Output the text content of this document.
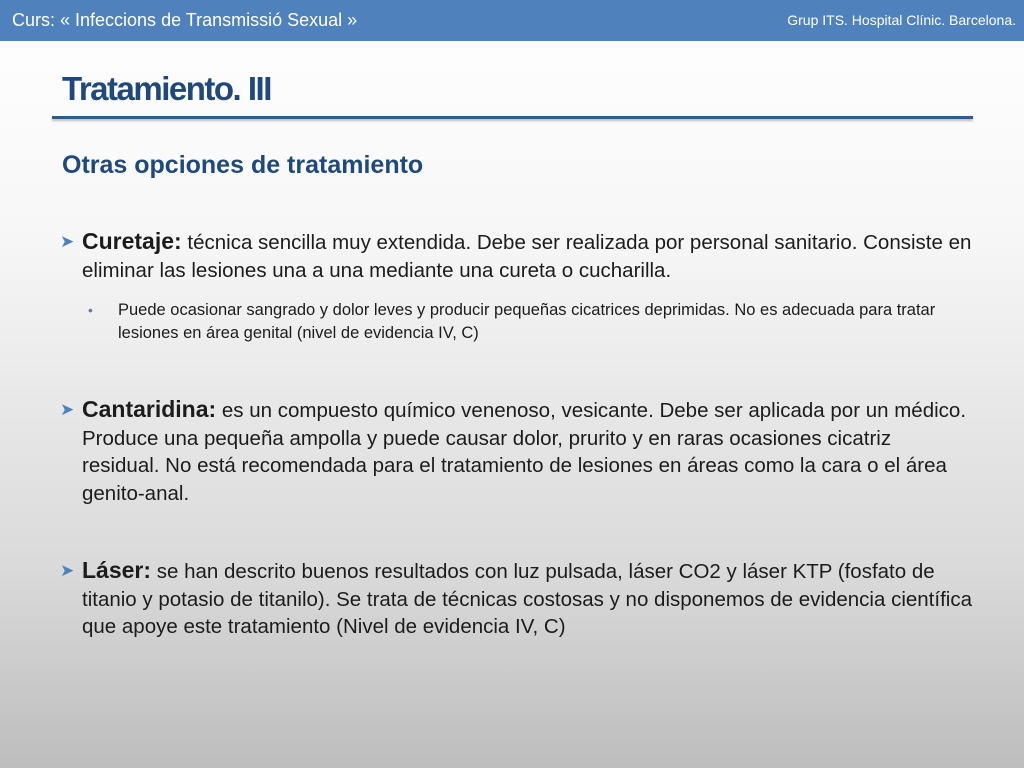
Curs: « Infeccions de Transmissió Sexual »	Grup ITS. Hospital Clínic. Barcelona.
Tratamiento. III
Otras opciones de tratamiento
➤ Curetaje: técnica sencilla muy extendida. Debe ser realizada por personal sanitario. Consiste en eliminar las lesiones una a una mediante una cureta o cucharilla.
• Puede ocasionar sangrado y dolor leves y producir pequeñas cicatrices deprimidas. No es adecuada para tratar lesiones en área genital (nivel de evidencia IV, C)
➤ Cantaridina: es un compuesto químico venenoso, vesicante. Debe ser aplicada por un médico. Produce una pequeña ampolla y puede causar dolor, prurito y en raras ocasiones cicatriz residual. No está recomendada para el tratamiento de lesiones en áreas como la cara o el área genito-anal.
➤ Láser: se han descrito buenos resultados con luz pulsada, láser CO2 y láser KTP (fosfato de titanio y potasio de titanilo). Se trata de técnicas costosas y no disponemos de evidencia científica que apoye este tratamiento (Nivel de evidencia IV, C)
